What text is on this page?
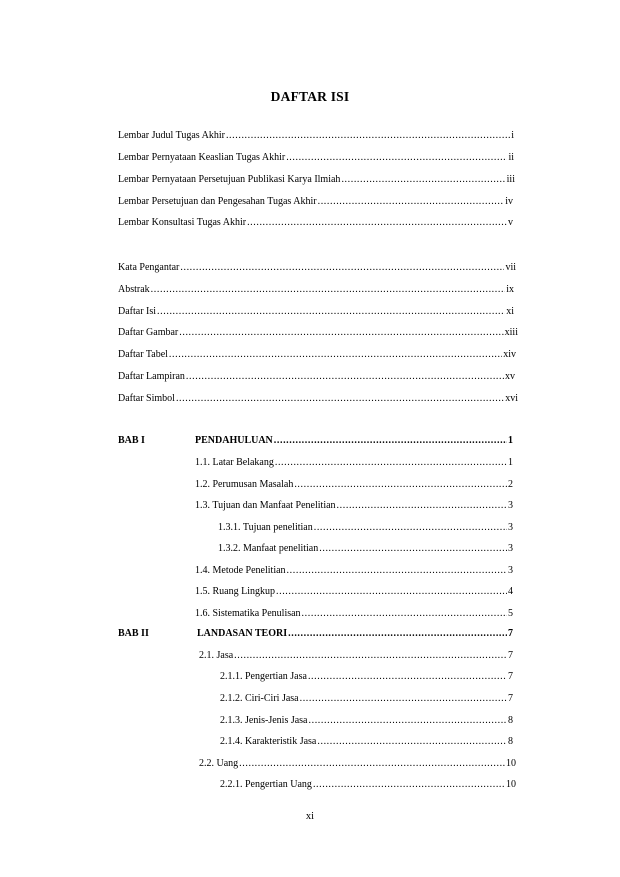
DAFTAR ISI
Lembar Judul Tugas Akhir .....	i
Lembar Pernyataan Keaslian Tugas Akhir .....	ii
Lembar Pernyataan Persetujuan Publikasi Karya Ilmiah .....	iii
Lembar Persetujuan dan Pengesahan Tugas Akhir .....	iv
Lembar Konsultasi Tugas Akhir .....	v
Kata Pengantar .....	vii
Abstrak .....	ix
Daftar Isi .....	xi
Daftar Gambar .....	xiii
Daftar Tabel .....	xiv
Daftar Lampiran .....	xv
Daftar Simbol .....	xvi
BAB I	PENDAHULUAN .....	1
1.1. Latar Belakang .....	1
1.2. Perumusan Masalah .....	2
1.3. Tujuan dan Manfaat Penelitian .....	3
1.3.1. Tujuan penelitian .....	3
1.3.2. Manfaat penelitian .....	3
1.4. Metode Penelitian .....	3
1.5. Ruang Lingkup .....	4
1.6. Sistematika Penulisan .....	5
BAB II	LANDASAN TEORI .....	7
2.1. Jasa .....	7
2.1.1. Pengertian Jasa .....	7
2.1.2. Ciri-Ciri Jasa .....	7
2.1.3. Jenis-Jenis Jasa .....	8
2.1.4. Karakteristik Jasa .....	8
2.2. Uang .....	10
2.2.1. Pengertian Uang .....	10
xi
